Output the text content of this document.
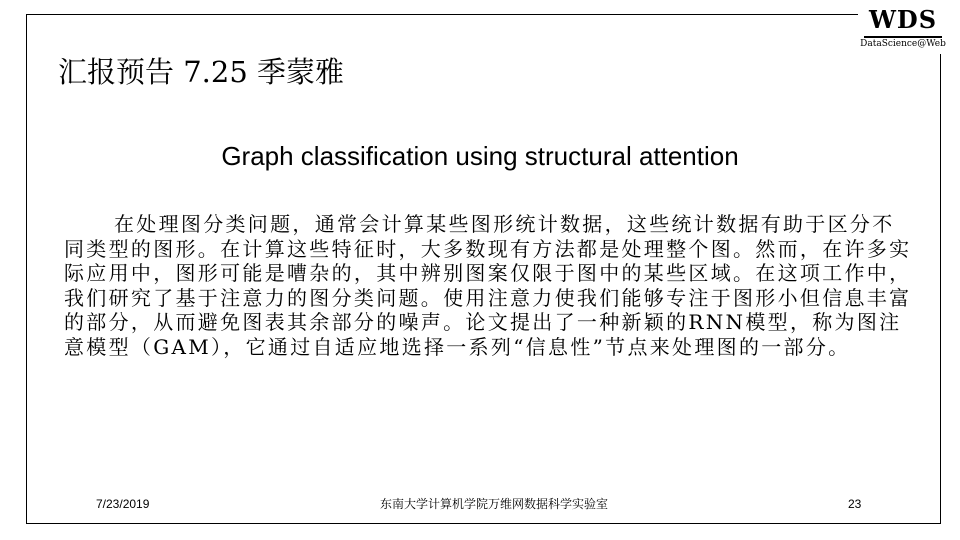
WDS
DataScience@Web
汇报预告 7.25 季蒙雅
Graph classification using structural attention

在处理图分类问题，通常会计算某些图形统计数据，这些统计数据有助于区分不同类型的图形。在计算这些特征时，大多数现有方法都是处理整个图。然而，在许多实际应用中，图形可能是嘈杂的，其中辨别图案仅限于图中的某些区域。在这项工作中，我们研究了基于注意力的图分类问题。使用注意力使我们能够专注于图形小但信息丰富的部分，从而避免图表其余部分的噪声。论文提出了一种新颖的RNN模型，称为图注意模型（GAM），它通过自适应地选择一系列“信息性”节点来处理图的一部分。

7/23/2019	东南大学计算机学院万维网数据科学实验室	23
